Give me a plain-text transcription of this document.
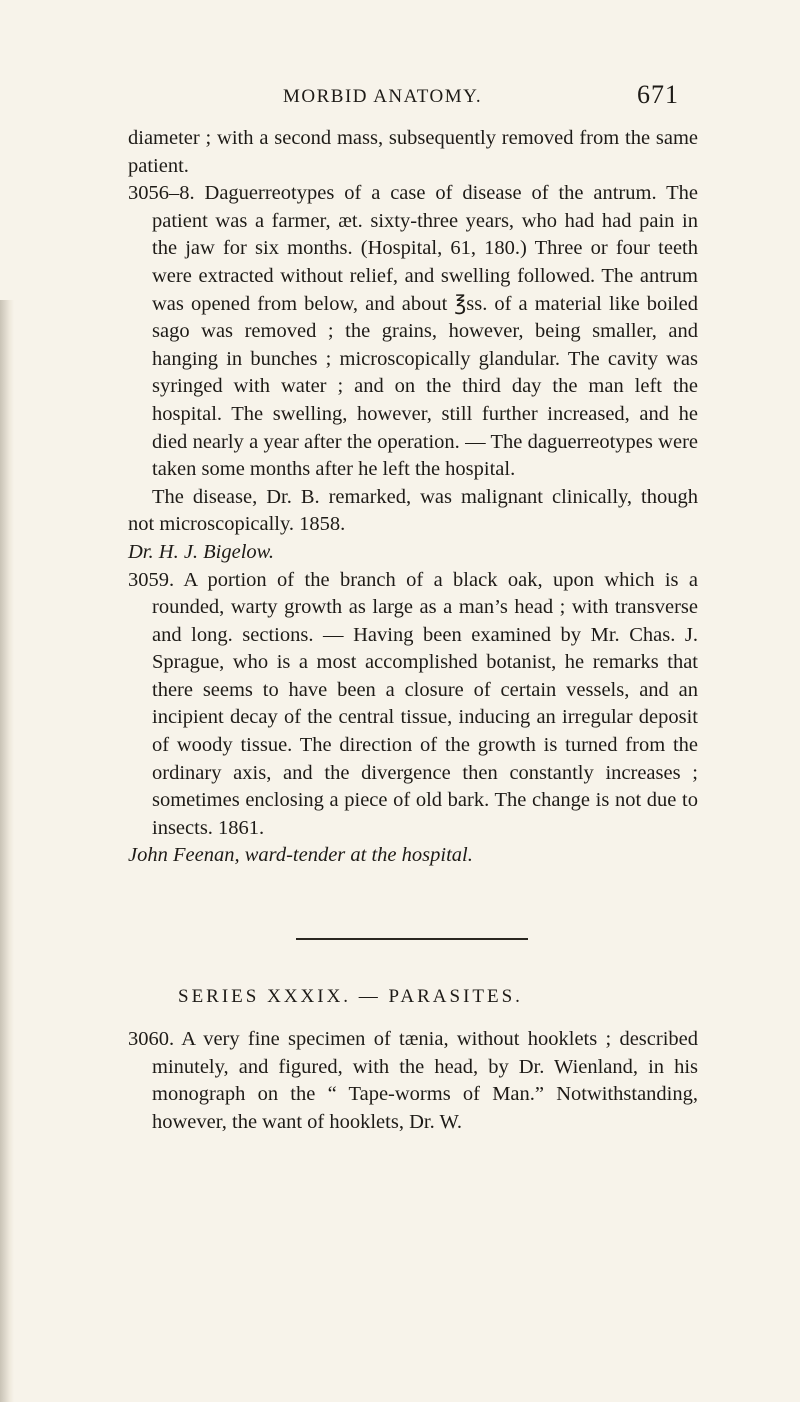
MORBID ANATOMY.	671

diameter ; with a second mass, subsequently removed from the same patient.

3056–8. Daguerreotypes of a case of disease of the antrum. The patient was a farmer, æt. sixty-three years, who had had pain in the jaw for six months. (Hospital, 61, 180.) Three or four teeth were extracted without relief, and swelling followed. The antrum was opened from below, and about ℥ss. of a material like boiled sago was removed ; the grains, however, being smaller, and hanging in bunches ; microscopically glandular. The cavity was syringed with water ; and on the third day the man left the hospital. The swelling, however, still further increased, and he died nearly a year after the operation. — The daguerreotypes were taken some months after he left the hospital.

The disease, Dr. B. remarked, was malignant clinically, though not microscopically. 1858.

Dr. H. J. Bigelow.

3059. A portion of the branch of a black oak, upon which is a rounded, warty growth as large as a man’s head ; with transverse and long. sections. — Having been examined by Mr. Chas. J. Sprague, who is a most accomplished botanist, he remarks that there seems to have been a closure of certain vessels, and an incipient decay of the central tissue, inducing an irregular deposit of woody tissue. The direction of the growth is turned from the ordinary axis, and the divergence then constantly increases ; sometimes enclosing a piece of old bark. The change is not due to insects. 1861.

John Feenan, ward-tender at the hospital.

SERIES XXXIX. — PARASITES.

3060. A very fine specimen of tænia, without hooklets ; described minutely, and figured, with the head, by Dr. Wienland, in his monograph on the “ Tape-worms of Man.” Notwithstanding, however, the want of hooklets, Dr. W.
